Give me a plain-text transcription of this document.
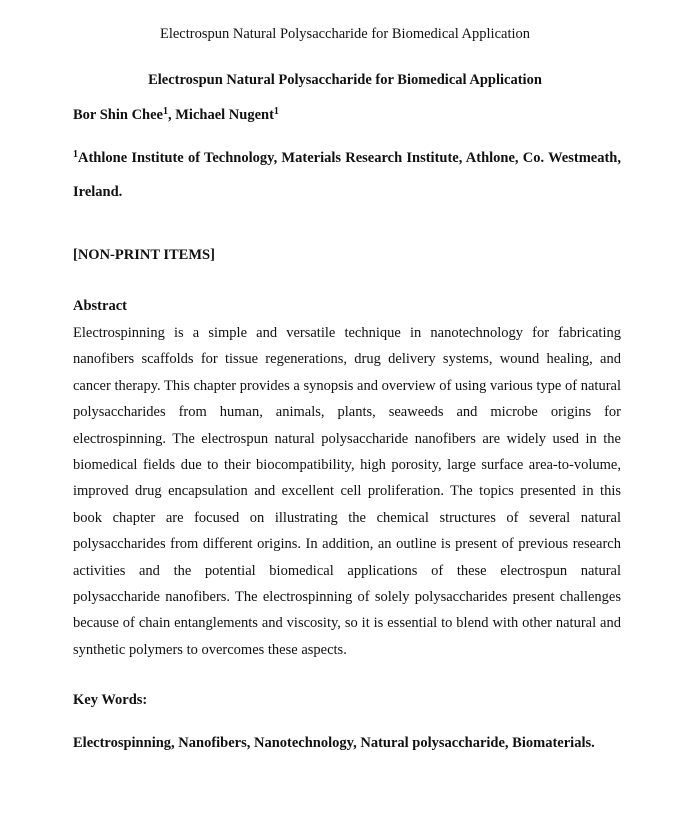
Electrospun Natural Polysaccharide for Biomedical Application
Electrospun Natural Polysaccharide for Biomedical Application
Bor Shin Chee$^1$, Michael Nugent$^1$
$^1$Athlone Institute of Technology, Materials Research Institute, Athlone, Co. Westmeath, Ireland.
[NON-PRINT ITEMS]
Abstract
Electrospinning is a simple and versatile technique in nanotechnology for fabricating nanofibers scaffolds for tissue regenerations, drug delivery systems, wound healing, and cancer therapy. This chapter provides a synopsis and overview of using various type of natural polysaccharides from human, animals, plants, seaweeds and microbe origins for electrospinning. The electrospun natural polysaccharide nanofibers are widely used in the biomedical fields due to their biocompatibility, high porosity, large surface area-to-volume, improved drug encapsulation and excellent cell proliferation. The topics presented in this book chapter are focused on illustrating the chemical structures of several natural polysaccharides from different origins. In addition, an outline is present of previous research activities and the potential biomedical applications of these electrospun natural polysaccharide nanofibers. The electrospinning of solely polysaccharides present challenges because of chain entanglements and viscosity, so it is essential to blend with other natural and synthetic polymers to overcomes these aspects.
Key Words:
Electrospinning, Nanofibers, Nanotechnology, Natural polysaccharide, Biomaterials.
